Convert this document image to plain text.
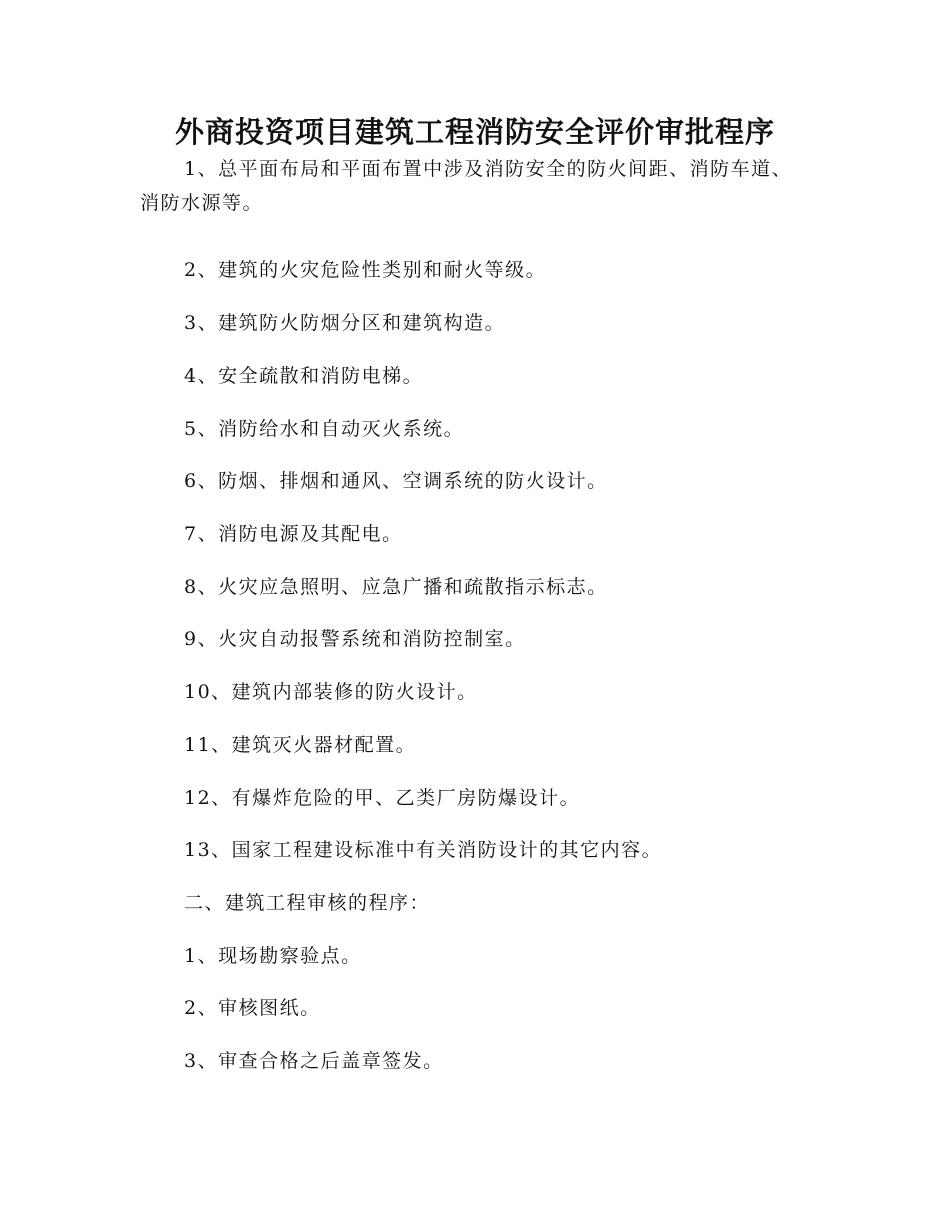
外商投资项目建筑工程消防安全评价审批程序

1、总平面布局和平面布置中涉及消防安全的防火间距、消防车道、消防水源等。

2、建筑的火灾危险性类别和耐火等级。

3、建筑防火防烟分区和建筑构造。

4、安全疏散和消防电梯。

5、消防给水和自动灭火系统。

6、防烟、排烟和通风、空调系统的防火设计。

7、消防电源及其配电。

8、火灾应急照明、应急广播和疏散指示标志。

9、火灾自动报警系统和消防控制室。

10、建筑内部装修的防火设计。

11、建筑灭火器材配置。

12、有爆炸危险的甲、乙类厂房防爆设计。

13、国家工程建设标准中有关消防设计的其它内容。

二、建筑工程审核的程序：

1、现场勘察验点。

2、审核图纸。

3、审查合格之后盖章签发。
